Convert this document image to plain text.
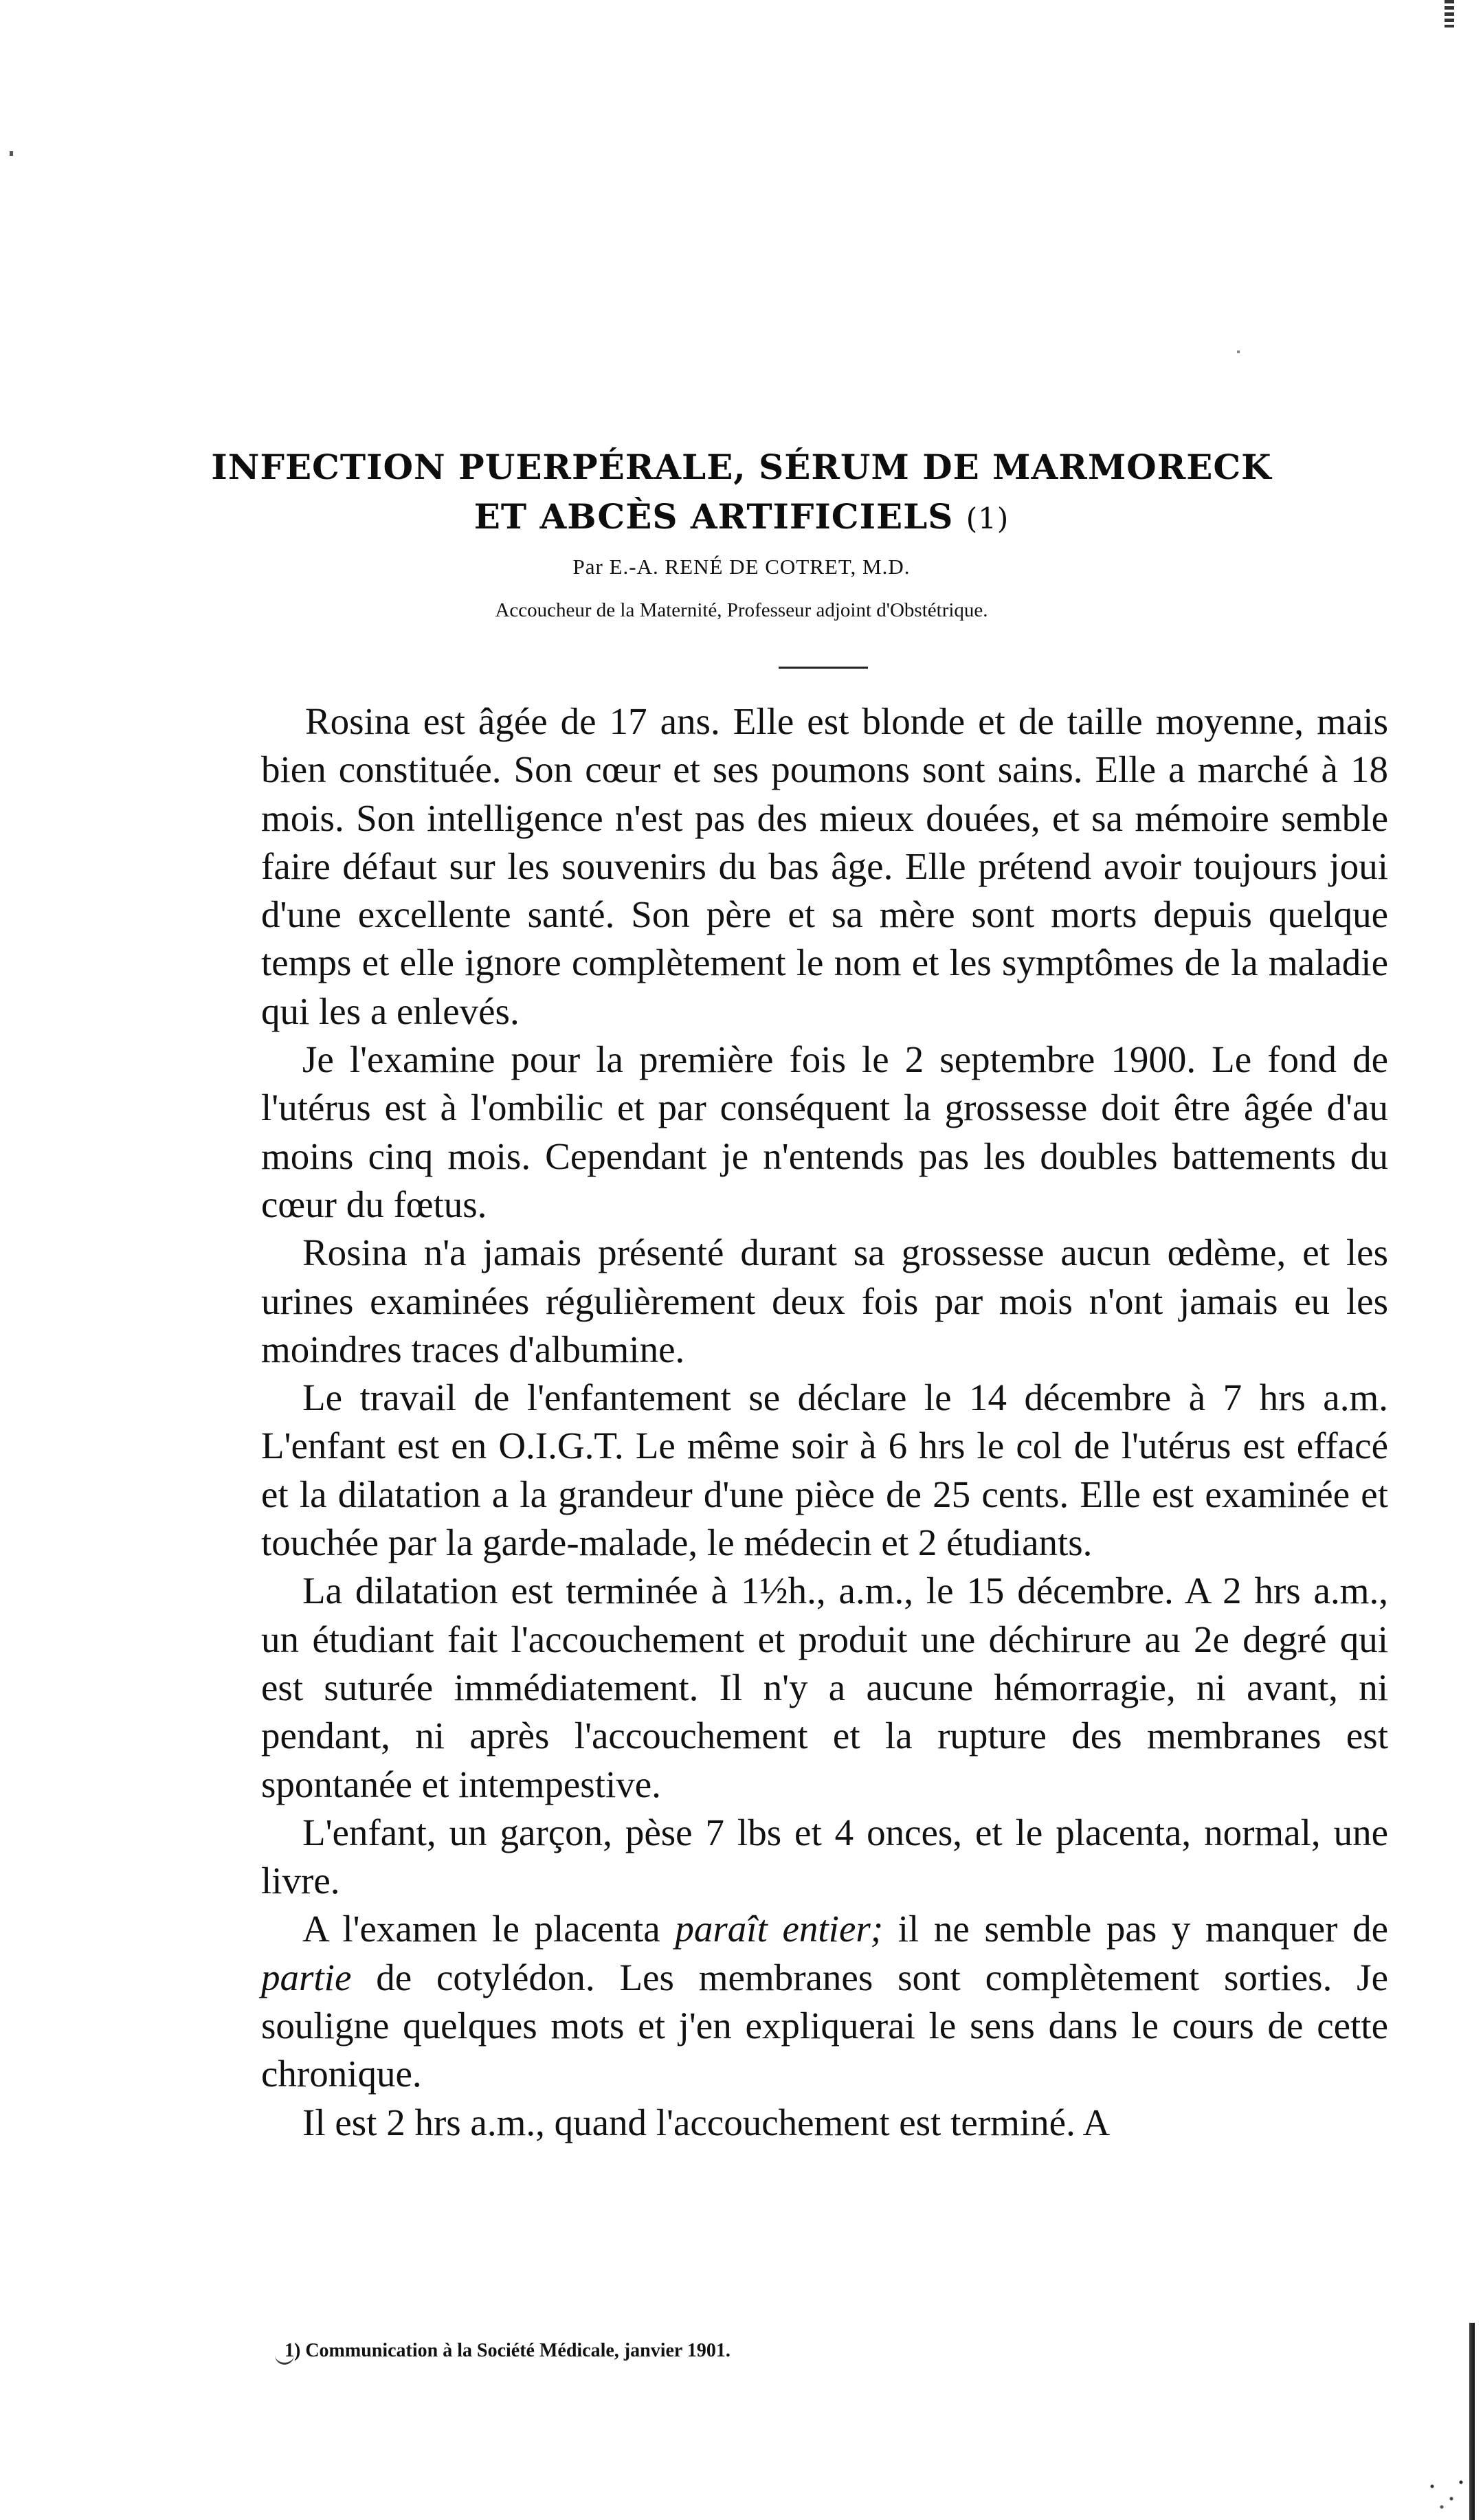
INFECTION PUERPÉRALE, SÉRUM DE MARMORECK
ET ABCÈS ARTIFICIELS (1)
Par E.-A. RENÉ DE COTRET, M.D.
Accoucheur de la Maternité, Professeur adjoint d'Obstétrique.

Rosina est âgée de 17 ans. Elle est blonde et de taille moyenne, mais bien constituée. Son cœur et ses poumons sont sains. Elle a marché à 18 mois. Son intelligence n'est pas des mieux douées, et sa mémoire semble faire défaut sur les souvenirs du bas âge. Elle prétend avoir toujours joui d'une excellente santé. Son père et sa mère sont morts depuis quelque temps et elle ignore complètement le nom et les symptômes de la maladie qui les a enlevés.

Je l'examine pour la première fois le 2 septembre 1900. Le fond de l'utérus est à l'ombilic et par conséquent la grossesse doit être âgée d'au moins cinq mois. Cependant je n'entends pas les doubles battements du cœur du fœtus.

Rosina n'a jamais présenté durant sa grossesse aucun œdème, et les urines examinées régulièrement deux fois par mois n'ont jamais eu les moindres traces d'albumine.

Le travail de l'enfantement se déclare le 14 décembre à 7 hrs a.m. L'enfant est en O.I.G.T. Le même soir à 6 hrs le col de l'utérus est effacé et la dilatation a la grandeur d'une pièce de 25 cents. Elle est examinée et touchée par la garde-malade, le médecin et 2 étudiants.

La dilatation est terminée à 1½h., a.m., le 15 décembre. A 2 hrs a.m., un étudiant fait l'accouchement et produit une déchirure au 2e degré qui est suturée immédiatement. Il n'y a aucune hémorragie, ni avant, ni pendant, ni après l'accouchement et la rupture des membranes est spontanée et intempestive.

L'enfant, un garçon, pèse 7 lbs et 4 onces, et le placenta, normal, une livre.

A l'examen le placenta paraît entier; il ne semble pas y manquer de partie de cotylédon. Les membranes sont complètement sorties. Je souligne quelques mots et j'en expliquerai le sens dans le cours de cette chronique.

Il est 2 hrs a.m., quand l'accouchement est terminé. A

1) Communication à la Société Médicale, janvier 1901.
